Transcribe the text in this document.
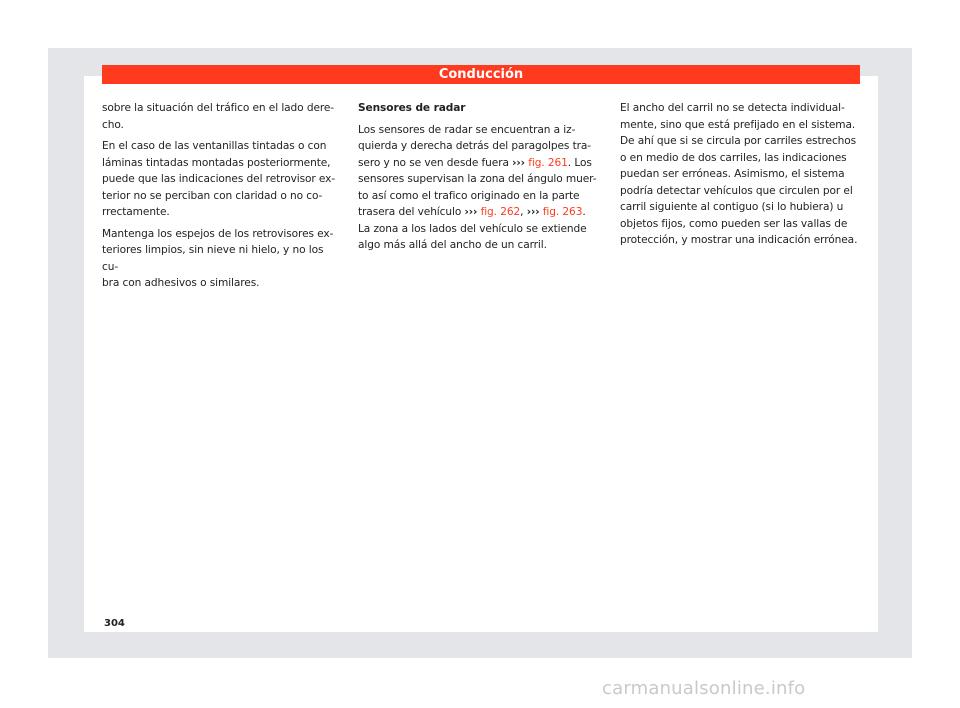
Conducción

sobre la situación del tráfico en el lado dere-
cho.

En el caso de las ventanillas tintadas o con
láminas tintadas montadas posteriormente,
puede que las indicaciones del retrovisor ex-
terior no se perciban con claridad o no co-
rrectamente.

Mantenga los espejos de los retrovisores ex-
teriores limpios, sin nieve ni hielo, y no los cu-
bra con adhesivos o similares.

Sensores de radar

Los sensores de radar se encuentran a iz-
quierda y derecha detrás del paragolpes tra-
sero y no se ven desde fuera ››› fig. 261. Los
sensores supervisan la zona del ángulo muer-
to así como el trafico originado en la parte
trasera del vehículo ››› fig. 262, ››› fig. 263.
La zona a los lados del vehículo se extiende
algo más allá del ancho de un carril.

El ancho del carril no se detecta individual-
mente, sino que está prefijado en el sistema.
De ahí que si se circula por carriles estrechos
o en medio de dos carriles, las indicaciones
puedan ser erróneas. Asimismo, el sistema
podría detectar vehículos que circulen por el
carril siguiente al contiguo (si lo hubiera) u
objetos fijos, como pueden ser las vallas de
protección, y mostrar una indicación errónea.

304
carmanualsonline.info
